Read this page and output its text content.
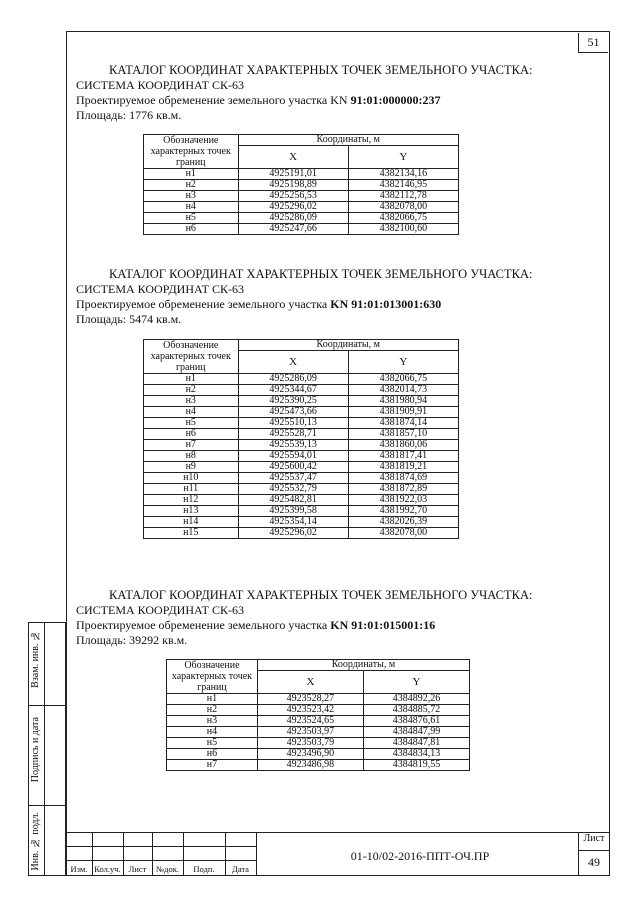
51

КАТАЛОГ КООРДИНАТ ХАРАКТЕРНЫХ ТОЧЕК ЗЕМЕЛЬНОГО УЧАСТКА:

СИСТЕМА КООРДИНАТ СК-63

Проектируемое обременение земельного участка KN 91:01:000000:237

Площадь: 1776 кв.м.

Обозначение характерных точек границ	Координаты, м	
	X	Y
н1	4925191,01	4382134,16
н2	4925198,89	4382146,95
н3	4925256,53	4382112,78
н4	4925296,02	4382078,00
н5	4925286,09	4382066,75
н6	4925247,66	4382100,60

КАТАЛОГ КООРДИНАТ ХАРАКТЕРНЫХ ТОЧЕК ЗЕМЕЛЬНОГО УЧАСТКА:

СИСТЕМА КООРДИНАТ СК-63

Проектируемое обременение земельного участка KN 91:01:013001:630

Площадь: 5474 кв.м.

Обозначение характерных точек границ	Координаты, м	
	X	Y
н1	4925286,09	4382066,75
н2	4925344,67	4382014,73
н3	4925390,25	4381980,94
н4	4925473,66	4381909,91
н5	4925510,13	4381874,14
н6	4925528,71	4381857,10
н7	4925539,13	4381860,06
н8	4925594,01	4381817,41
н9	4925600,42	4381819,21
н10	4925537,47	4381874,69
н11	4925532,79	4381872,89
н12	4925482,81	4381922,03
н13	4925399,58	4381992,70
н14	4925354,14	4382026,39
н15	4925296,02	4382078,00

КАТАЛОГ КООРДИНАТ ХАРАКТЕРНЫХ ТОЧЕК ЗЕМЕЛЬНОГО УЧАСТКА:

СИСТЕМА КООРДИНАТ СК-63

Проектируемое обременение земельного участка KN 91:01:015001:16

Площадь: 39292 кв.м.

Обозначение характерных точек границ	Координаты, м	
	X	Y
н1	4923528,27	4384892,26
н2	4923523,42	4384885,72
н3	4923524,65	4384876,61
н4	4923503,97	4384847,99
н5	4923503,79	4384847,81
н6	4923496,90	4384834,13
н7	4923486,98	4384819,55
Взам. инв. №
Подпись и дата
Инв. № подл.	Изм. Кол.уч. Лист	№док.	Подп.	Дата
01-10/02-2016-ППТ-ОЧ.ПР
Лист
49
